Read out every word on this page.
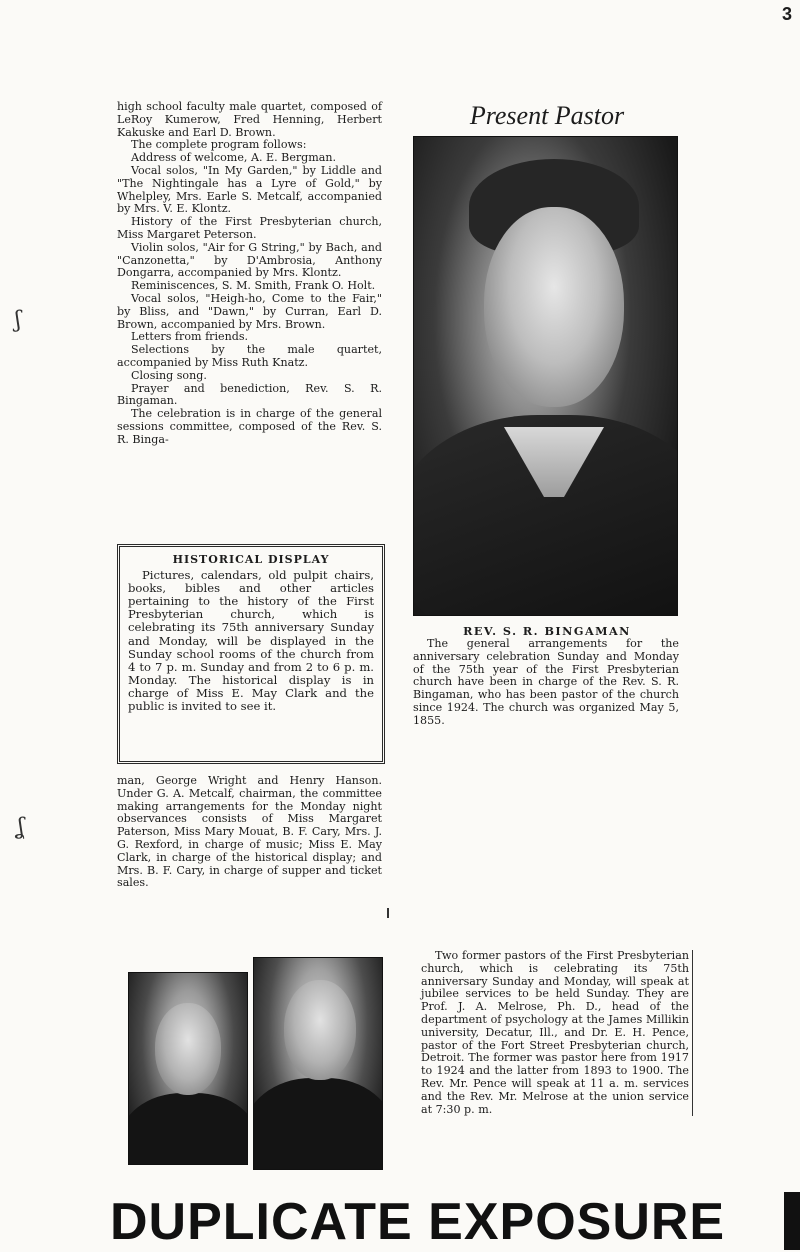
3
ʃ
ʆ

high school faculty male quartet, composed of LeRoy Kumerow, Fred Henning, Herbert Kakuske and Earl D. Brown.

The complete program follows:

Address of welcome, A. E. Bergman.

Vocal solos, "In My Garden," by Liddle and "The Nightingale has a Lyre of Gold," by Whelpley, Mrs. Earle S. Metcalf, accompanied by Mrs. V. E. Klontz.

History of the First Presbyterian church, Miss Margaret Peterson.

Violin solos, "Air for G String," by Bach, and "Canzonetta," by D'Ambrosia, Anthony Dongarra, accompanied by Mrs. Klontz.

Reminiscences, S. M. Smith, Frank O. Holt.

Vocal solos, "Heigh-ho, Come to the Fair," by Bliss, and "Dawn," by Curran, Earl D. Brown, accompanied by Mrs. Brown.

Letters from friends.

Selections by the male quartet, accompanied by Miss Ruth Knatz.

Closing song.

Prayer and benediction, Rev. S. R. Bingaman.

The celebration is in charge of the general sessions committee, composed of the Rev. S. R. Binga-

HISTORICAL DISPLAY

Pictures, calendars, old pulpit chairs, books, bibles and other articles pertaining to the history of the First Presbyterian church, which is celebrating its 75th anniversary Sunday and Monday, will be displayed in the Sunday school rooms of the church from 4 to 7 p. m. Sunday and from 2 to 6 p. m. Monday. The historical display is in charge of Miss E. May Clark and the public is invited to see it.

man, George Wright and Henry Hanson. Under G. A. Metcalf, chairman, the committee making arrangements for the Monday night observances consists of Miss Margaret Paterson, Miss Mary Mouat, B. F. Cary, Mrs. J. G. Rexford, in charge of music; Miss E. May Clark, in charge of the historical display; and Mrs. B. F. Cary, in charge of supper and ticket sales.

Present Pastor
REV. S. R. BINGAMAN

The general arrangements for the anniversary celebration Sunday and Monday of the 75th year of the First Presbyterian church have been in charge of the Rev. S. R. Bingaman, who has been pastor of the church since 1924. The church was organized May 5, 1855.

Two former pastors of the First Presbyterian church, which is celebrating its 75th anniversary Sunday and Monday, will speak at jubilee services to be held Sunday. They are Prof. J. A. Melrose, Ph. D., head of the department of psychology at the James Millikin university, Decatur, Ill., and Dr. E. H. Pence, pastor of the Fort Street Presbyterian church, Detroit. The former was pastor here from 1917 to 1924 and the latter from 1893 to 1900. The Rev. Mr. Pence will speak at 11 a. m. services and the Rev. Mr. Melrose at the union service at 7:30 p. m.

DUPLICATE EXPOSURE
